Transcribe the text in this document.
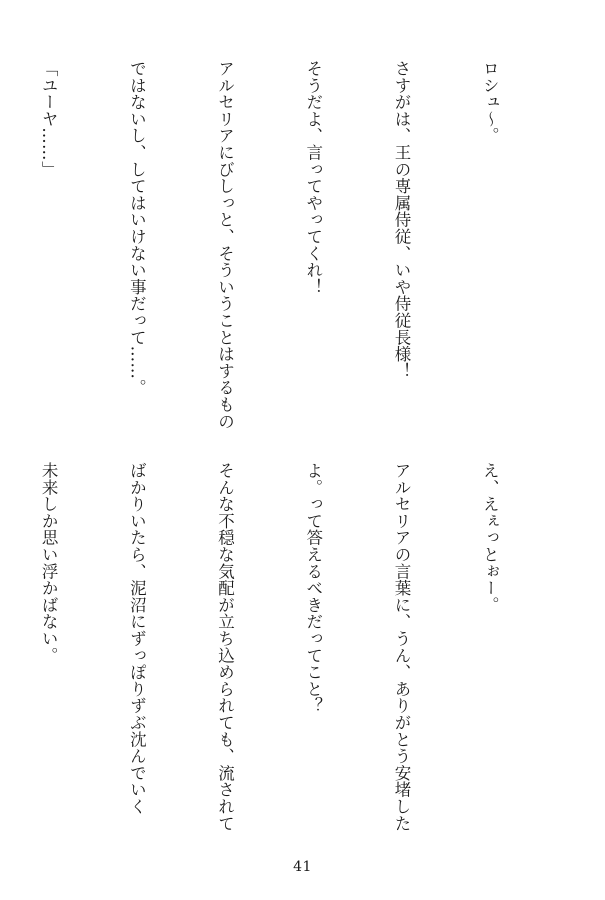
ロシュ〜。

さすがは、王の専属侍従、いや侍従長様！

そうだよ、言ってやってくれ！

アルセリアにびしっと、そういうことはするもの

ではないし、してはいけない事だって……。

「ユーヤ……」

え、えぇっとぉー。

アルセリアの言葉に、うん、ありがとう安堵した

よ。って答えるべきだってこと？

そんな不穏な気配が立ち込められても、流されて

ばかりいたら、泥沼にずっぽりずぶ沈んでいく

未来しか思い浮かばない。

41
